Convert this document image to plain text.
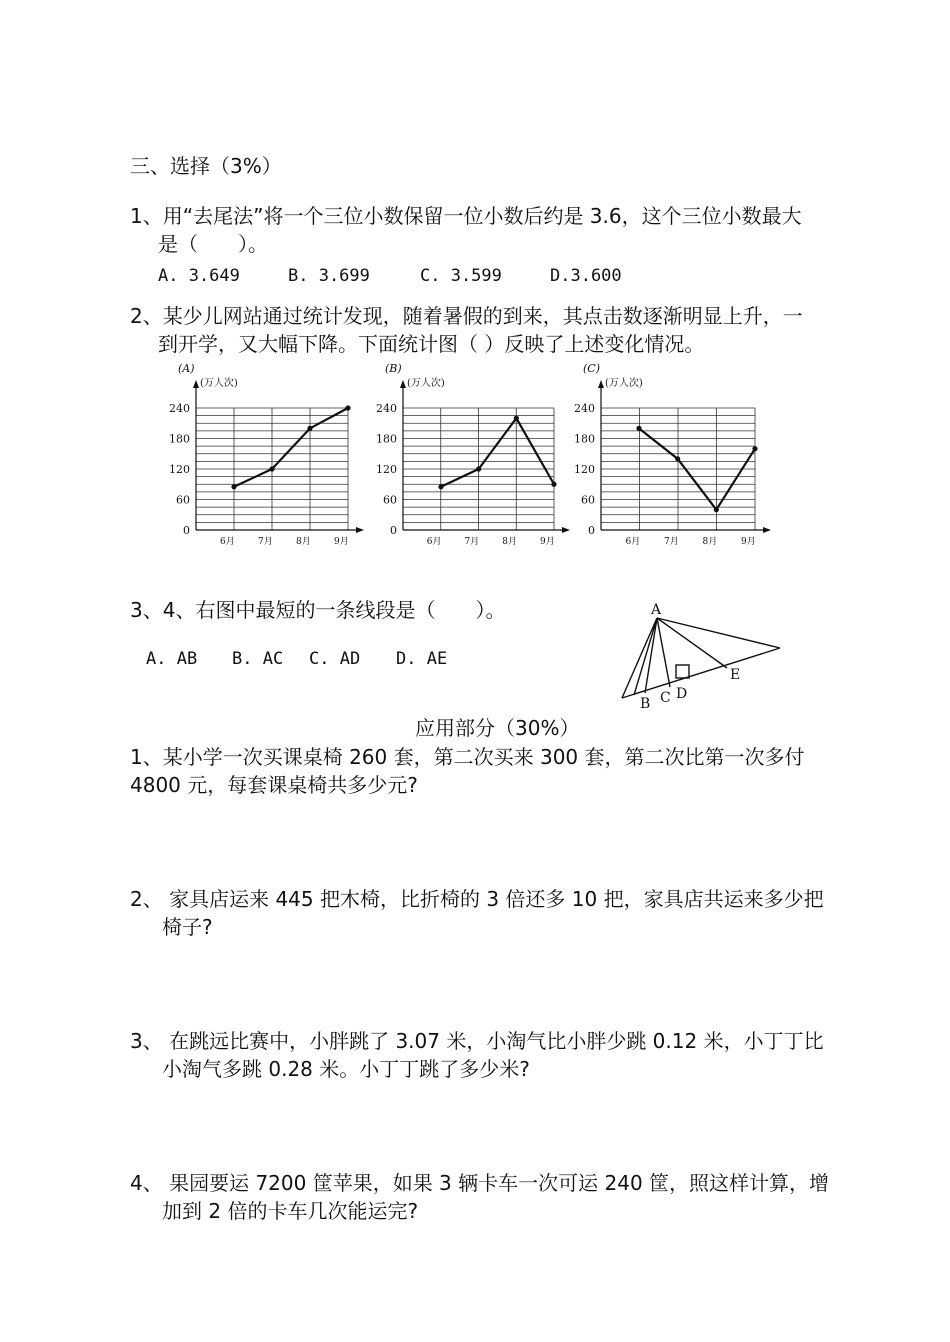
三、选择（3%）
1、用“去尾法”将一个三位小数保留一位小数后约是 3.6，这个三位小数最大
是（　　）。
A. 3.649	B. 3.699	C. 3.599	D.3.600
2、某少儿网站通过统计发现，随着暑假的到来，其点击数逐渐明显上升，一
到开学，又大幅下降。下面统计图（ ）反映了上述变化情况。
(A)
(万人次)
0
60
120
180
240
6月	7月	8月	9月
(B)
(万人次)
0
60
120
180
240
6月	7月	8月	9月
(C)
(万人次)
0
60
120
180
240
6月	7月	8月	9月
3、4、右图中最短的一条线段是（　　）。
A. AB B. AC C. AD D. AE
A
B C D
E
应用部分（30%）
1、某小学一次买课桌椅 260 套，第二次买来 300 套，第二次比第一次多付
4800 元，每套课桌椅共多少元?
2、 家具店运来 445 把木椅，比折椅的 3 倍还多 10 把，家具店共运来多少把
椅子?
3、 在跳远比赛中，小胖跳了 3.07 米，小淘气比小胖少跳 0.12 米，小丁丁比
小淘气多跳 0.28 米。小丁丁跳了多少米?
4、 果园要运 7200 筐苹果，如果 3 辆卡车一次可运 240 筐，照这样计算，增
加到 2 倍的卡车几次能运完?
